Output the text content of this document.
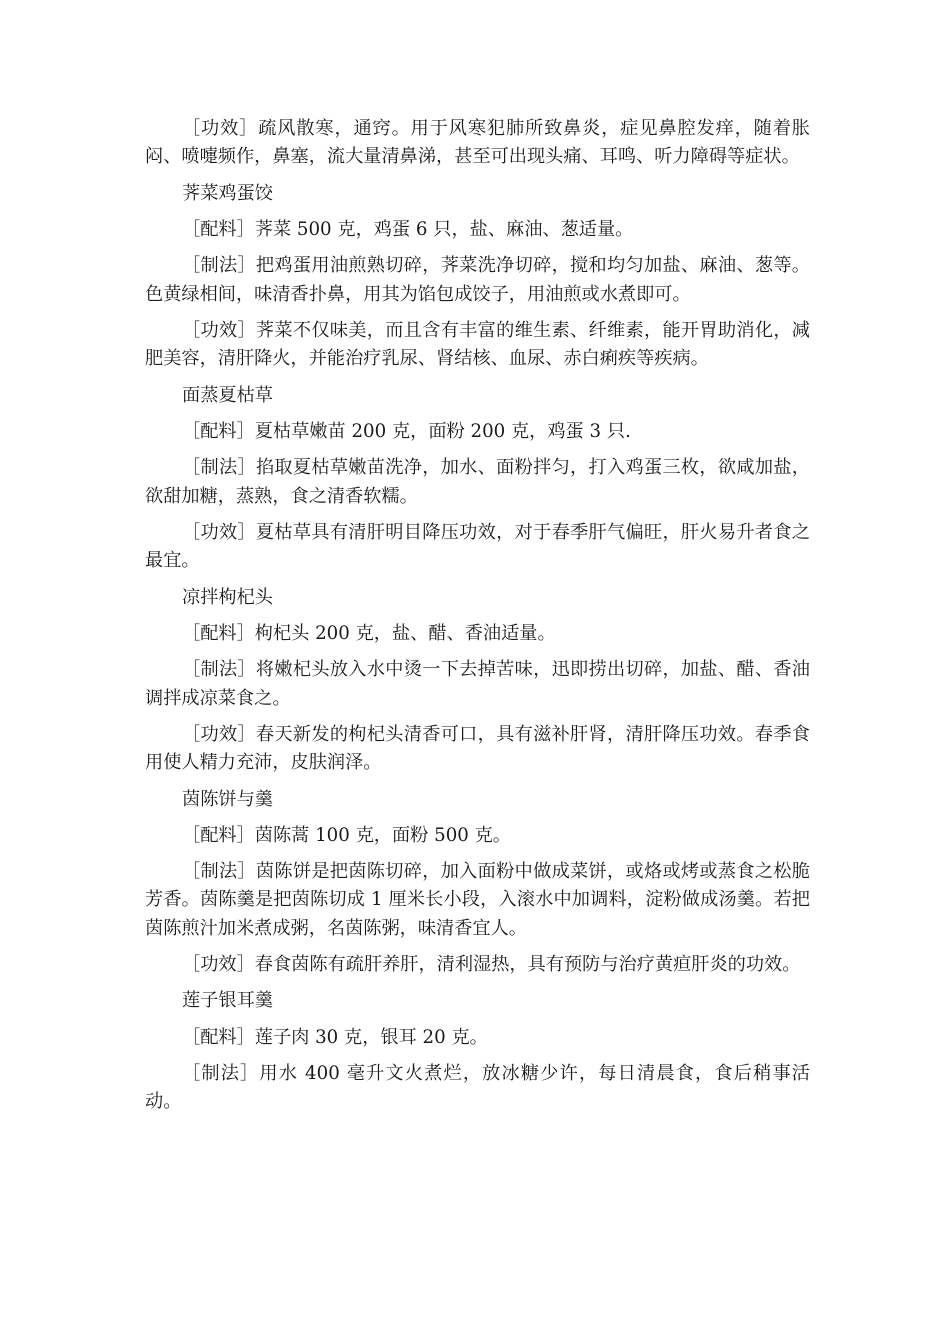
［功效］疏风散寒，通窍。用于风寒犯肺所致鼻炎，症见鼻腔发痒，随着胀闷、喷嚏频作，鼻塞，流大量清鼻涕，甚至可出现头痛、耳鸣、听力障碍等症状。

荠菜鸡蛋饺

［配料］荠菜 500 克，鸡蛋 6 只，盐、麻油、葱适量。

［制法］把鸡蛋用油煎熟切碎，荠菜洗净切碎，搅和均匀加盐、麻油、葱等。色黄绿相间，味清香扑鼻，用其为馅包成饺子，用油煎或水煮即可。

［功效］荠菜不仅味美，而且含有丰富的维生素、纤维素，能开胃助消化，减肥美容，清肝降火，并能治疗乳尿、肾结核、血尿、赤白痢疾等疾病。

面蒸夏枯草

［配料］夏枯草嫩苗 200 克，面粉 200 克，鸡蛋 3 只.

［制法］掐取夏枯草嫩苗洗净，加水、面粉拌匀，打入鸡蛋三枚，欲咸加盐，欲甜加糖，蒸熟，食之清香软糯。

［功效］夏枯草具有清肝明目降压功效，对于春季肝气偏旺，肝火易升者食之最宜。

凉拌枸杞头

［配料］枸杞头 200 克，盐、醋、香油适量。

［制法］将嫩杞头放入水中烫一下去掉苦味，迅即捞出切碎，加盐、醋、香油调拌成凉菜食之。

［功效］春天新发的枸杞头清香可口，具有滋补肝肾，清肝降压功效。春季食用使人精力充沛，皮肤润泽。

茵陈饼与羹

［配料］茵陈蒿 100 克，面粉 500 克。

［制法］茵陈饼是把茵陈切碎，加入面粉中做成菜饼，或烙或烤或蒸食之松脆芳香。茵陈羹是把茵陈切成 1 厘米长小段，入滚水中加调料，淀粉做成汤羹。若把茵陈煎汁加米煮成粥，名茵陈粥，味清香宜人。

［功效］春食茵陈有疏肝养肝，清利湿热，具有预防与治疗黄疸肝炎的功效。

莲子银耳羹

［配料］莲子肉 30 克，银耳 20 克。

［制法］用水 400 毫升文火煮烂，放冰糖少许，每日清晨食，食后稍事活动。
